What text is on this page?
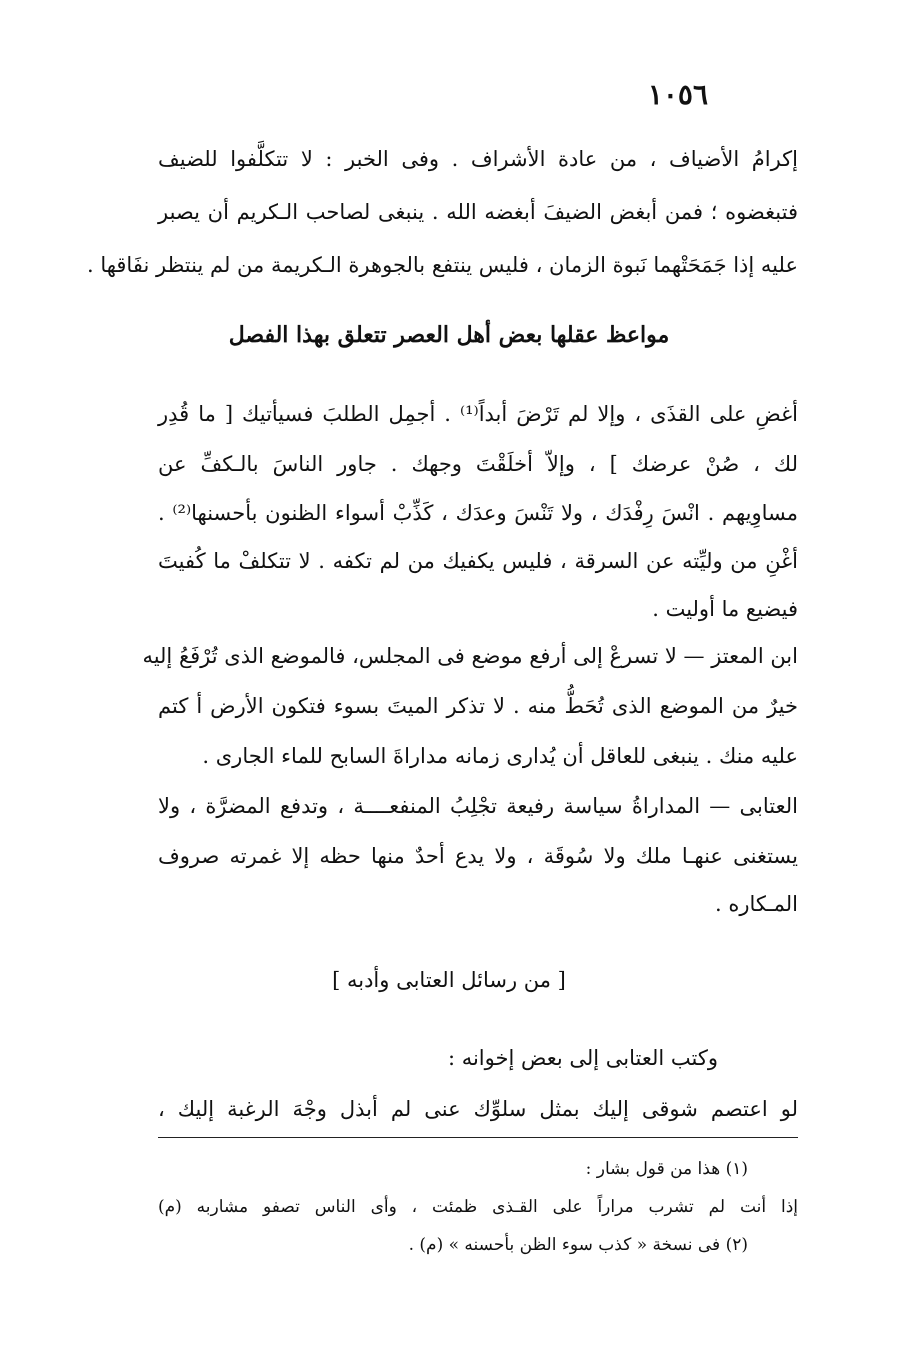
١٠٥٦
إكرامُ الأضياف ، من عادة الأشراف . وفى الخبر : لا تتكلَّفوا للضيف
فتبغضوه ؛ فمن أبغض الضيفَ أبغضه الله . ينبغى لصاحب الـكريم أن يصبر
عليه إذا جَمَحَتْهما نَبوة الزمان ، فليس ينتفع بالجوهرة الـكريمة من لم ينتظر نفَاقها .
مواعظ عقلها بعض أهل العصر تتعلق بهذا الفصل
أغضِ على القذَى ، وإلا لم تَرْضَ أبداً⁽¹⁾ . أجمِل الطلبَ فسيأتيك [ ما قُدِر
لك ، صُنْ عرضك ] ، وإلاّ أخلَقْتَ وجهك . جاور الناسَ بالـكفِّ عن
مساوِيهم . انْسَ رِفْدَك ، ولا تَنْسَ وعدَك ، كَذِّبْ أسواء الظنون بأحسنها⁽²⁾ .
أغْنِ من وليِّته عن السرقة ، فليس يكفيك من لم تكفه . لا تتكلفْ ما كُفيتَ
فيضيع ما أوليت .
ابن المعتز — لا تسرعْ إلى أرفع موضع فى المجلس، فالموضع الذى تُرْفَعُ إليه
خيرٌ من الموضع الذى تُحَطُّ منه . لا تذكر الميتَ بسوء فتكون الأرض أ كتم
عليه منك . ينبغى للعاقل أن يُدارى زمانه مداراةَ السابح للماء الجارى .
العتابى — المداراةُ سياسة رفيعة تجْلِبُ المنفعــــة ، وتدفع المضرَّة ، ولا
يستغنى عنهـا ملك ولا سُوقَة ، ولا يدع أحدٌ منها حظه إلا غمرته صروف
المـكاره .
[ من رسائل العتابى وأدبه ]
وكتب العتابى إلى بعض إخوانه :
لو اعتصم شوقى إليك بمثل سلوِّك عنى لم أبذل وجْهَ الرغبة إليك ،
(١) هذا من قول بشار :
إذا أنت لم تشرب مراراً على القـذى ظمئت ، وأى الناس تصفو مشاربه (م)
(٢) فى نسخة « كذب سوء الظن بأحسنه » (م) .
